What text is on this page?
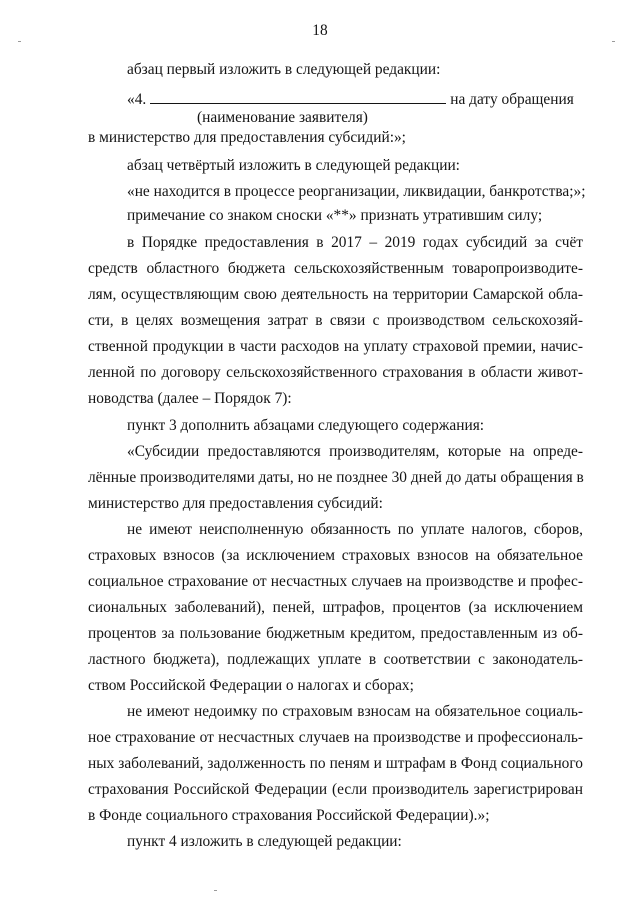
18
абзац первый изложить в следующей редакции:
«4.	на дату обращения
(наименование заявителя)
в министерство для предоставления субсидий:»;
абзац четвёртый изложить в следующей редакции:
«не находится в процессе реорганизации, ликвидации, банкротства;»;
примечание со знаком сноски «**» признать утратившим силу;
в Порядке предоставления в 2017 – 2019 годах субсидий за счёт
средств областного бюджета сельскохозяйственным товаропроизводите-
лям, осуществляющим свою деятельность на территории Самарской обла-
сти, в целях возмещения затрат в связи с производством сельскохозяй-
ственной продукции в части расходов на уплату страховой премии, начис-
ленной по договору сельскохозяйственного страхования в области живот-
новодства (далее – Порядок 7):
пункт 3 дополнить абзацами следующего содержания:
«Субсидии предоставляются производителям, которые на опреде-
лённые производителями даты, но не позднее 30 дней до даты обращения в
министерство для предоставления субсидий:
не имеют неисполненную обязанность по уплате налогов, сборов,
страховых взносов (за исключением страховых взносов на обязательное
социальное страхование от несчастных случаев на производстве и профес-
сиональных заболеваний), пеней, штрафов, процентов (за исключением
процентов за пользование бюджетным кредитом, предоставленным из об-
ластного бюджета), подлежащих уплате в соответствии с законодатель-
ством Российской Федерации о налогах и сборах;
не имеют недоимку по страховым взносам на обязательное социаль-
ное страхование от несчастных случаев на производстве и профессиональ-
ных заболеваний, задолженность по пеням и штрафам в Фонд социального
страхования Российской Федерации (если производитель зарегистрирован
в Фонде социального страхования Российской Федерации).»;
пункт 4 изложить в следующей редакции:
